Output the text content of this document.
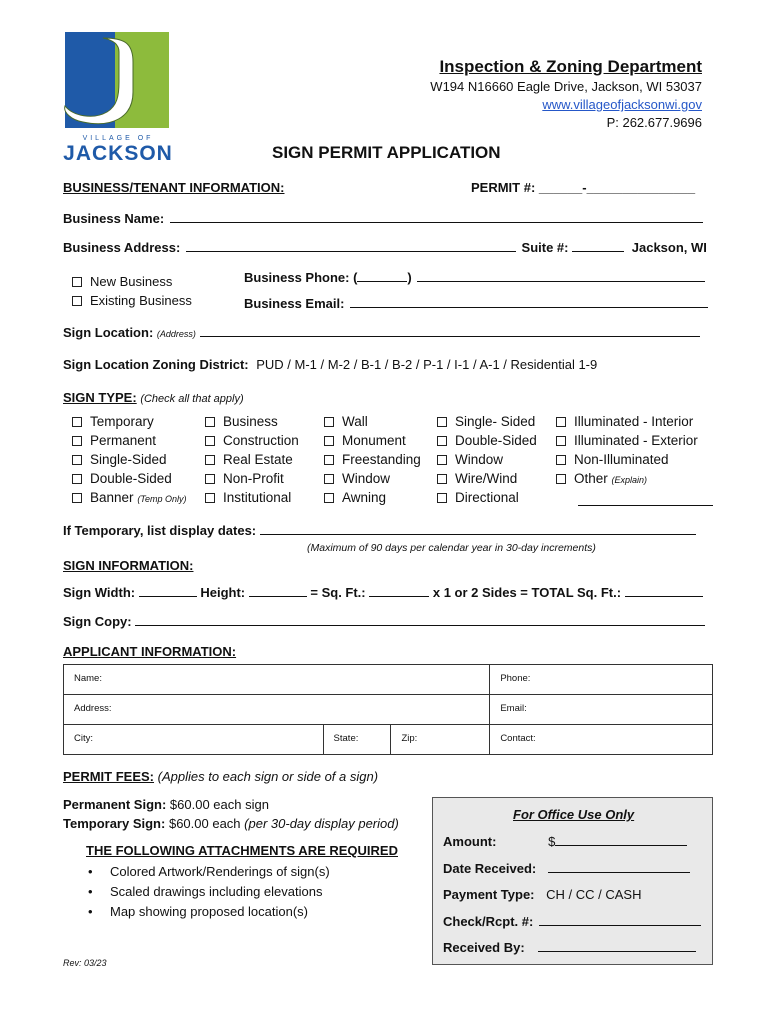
VILLAGE OF
JACKSON
Inspection & Zoning Department
W194 N16660 Eagle Drive, Jackson, WI 53037
www.villageofjacksonwi.gov
P: 262.677.9696
SIGN PERMIT APPLICATION
BUSINESS/TENANT INFORMATION:	PERMIT #: ______-_______________
Business Name:
Business Address:	Suite #:	Jackson, WI
New Business
Existing Business
Business Phone: (	)
Business Email:
Sign Location: (Address)
Sign Location Zoning District: PUD / M-1 / M-2 / B-1 / B-2 / P-1 / I-1 / A-1 / Residential 1-9
SIGN TYPE: (Check all that apply)
Temporary
Permanent
Single-Sided
Double-Sided
Banner (Temp Only)
Business
Construction
Real Estate
Non-Profit
Institutional
Wall
Monument
Freestanding
Window
Awning
Single- Sided
Double-Sided
Window
Wire/Wind
Directional
Illuminated - Interior
Illuminated - Exterior
Non-Illuminated
Other (Explain)
If Temporary, list display dates:
(Maximum of 90 days per calendar year in 30-day increments)
SIGN INFORMATION:
Sign Width:	Height:	= Sq. Ft.:	x 1 or 2 Sides = TOTAL Sq. Ft.:
Sign Copy:
APPLICANT INFORMATION:
Name:			Phone:
Address:			Email:
City:	State:	Zip:	Contact:
PERMIT FEES: (Applies to each sign or side of a sign)
Permanent Sign: $60.00 each sign
Temporary Sign: $60.00 each (per 30-day display period)
THE FOLLOWING ATTACHMENTS ARE REQUIRED
• Colored Artwork/Renderings of sign(s)
• Scaled drawings including elevations
• Map showing proposed location(s)
For Office Use Only
Amount:	$
Date Received:
Payment Type: CH / CC / CASH
Check/Rcpt. #:
Received By:
Rev: 03/23
